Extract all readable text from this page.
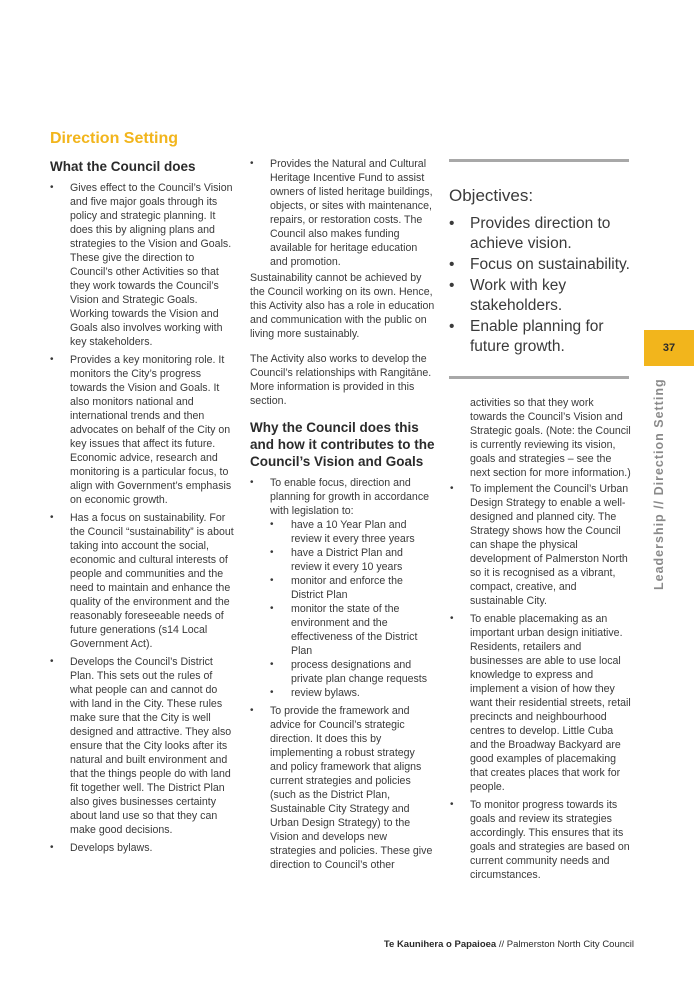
Direction Setting
What the Council does
• Gives effect to the Council’s Vision and five major goals through its policy and strategic planning. It does this by aligning plans and strategies to the Vision and Goals. These give the direction to Council’s other Activities so that they work towards the Council’s Vision and Strategic Goals. Working towards the Vision and Goals also involves working with key stakeholders.
• Provides a key monitoring role. It monitors the City’s progress towards the Vision and Goals. It also monitors national and international trends and then advocates on behalf of the City on key issues that affect its future. Economic advice, research and monitoring is a particular focus, to align with Government’s emphasis on economic growth.
• Has a focus on sustainability. For the Council “sustainability” is about taking into account the social, economic and cultural interests of people and communities and the need to maintain and enhance the quality of the environment and the reasonably foreseeable needs of future generations (s14 Local Government Act).
• Develops the Council’s District Plan. This sets out the rules of what people can and cannot do with land in the City. These rules make sure that the City is well designed and attractive. They also ensure that the City looks after its natural and built environment and that the things people do with land fit together well. The District Plan also gives businesses certainty about land use so that they can make good decisions.
• Develops bylaws.
• Provides the Natural and Cultural Heritage Incentive Fund to assist owners of listed heritage buildings, objects, or sites with maintenance, repairs, or restoration costs. The Council also makes funding available for heritage education and promotion.

Sustainability cannot be achieved by the Council working on its own. Hence, this Activity also has a role in education and communication with the public on living more sustainably.

The Activity also works to develop the Council’s relationships with Rangitāne. More information is provided in this section.

Why the Council does this and how it contributes to the Council’s Vision and Goals
• To enable focus, direction and planning for growth in accordance with legislation to:
• have a 10 Year Plan and review it every three years
• have a District Plan and review it every 10 years
• monitor and enforce the District Plan
• monitor the state of the environment and the effectiveness of the District Plan
• process designations and private plan change requests
• review bylaws.
• To provide the framework and advice for Council’s strategic direction. It does this by implementing a robust strategy and policy framework that aligns current strategies and policies (such as the District Plan, Sustainable City Strategy and Urban Design Strategy) to the Vision and develops new strategies and policies. These give direction to Council’s other
Objectives:
• Provides direction to achieve vision.
• Focus on sustainability.
• Work with key stakeholders.
• Enable planning for future growth.

activities so that they work towards the Council’s Vision and Strategic goals. (Note: the Council is currently reviewing its vision, goals and strategies – see the next section for more information.)

• To implement the Council’s Urban Design Strategy to enable a well-designed and planned city. The Strategy shows how the Council can shape the physical development of Palmerston North so it is recognised as a vibrant, compact, creative, and sustainable City.
• To enable placemaking as an important urban design initiative. Residents, retailers and businesses are able to use local knowledge to express and implement a vision of how they want their residential streets, retail precincts and neighbourhood centres to develop. Little Cuba and the Broadway Backyard are good examples of placemaking that creates places that work for people.
• To monitor progress towards its goals and review its strategies accordingly. This ensures that its goals and strategies are based on current community needs and circumstances.
37
Leadership // Direction Setting
Te Kaunihera o Papaioea // Palmerston North City Council
